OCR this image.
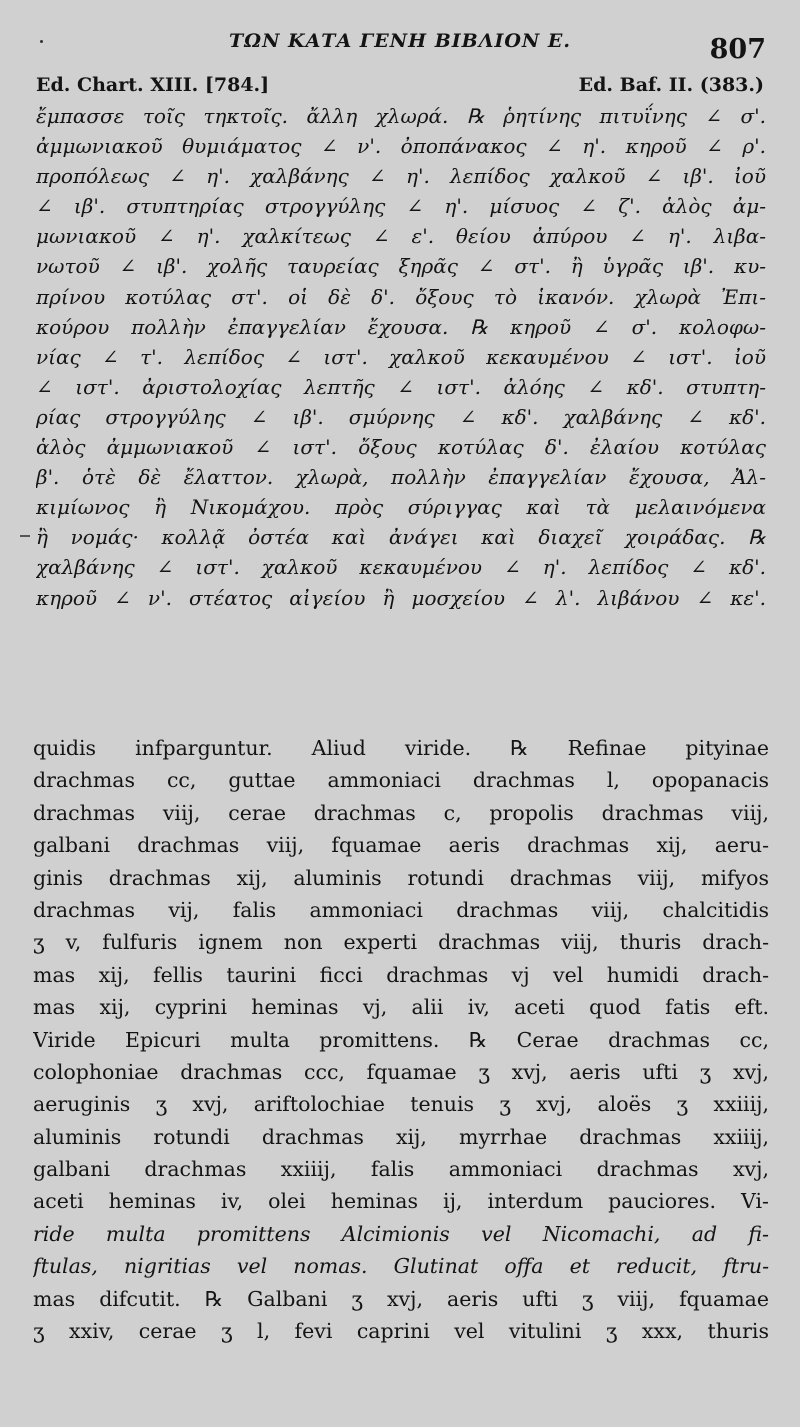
ΤΩΝ ΚΑΤΑ ΓΕΝΗ ΒΙΒΛΙΟΝ Ε.	807
Ed. Chart. XIII. [784.]	Ed. Baf. II. (383.)
ἔμπασσε τοῖς τηκτοῖς. ἄλλη χλωρά. ℞ ῥητίνης πιτυΐνης ∠ σ'.
ἀμμωνιακοῦ θυμιάματος ∠ ν'. ὀποπάνακος ∠ η'. κηροῦ ∠ ρ'.
προπόλεως ∠ η'. χαλβάνης ∠ η'. λεπίδος χαλκοῦ ∠ ιβ'. ἰοῦ
∠ ιβ'. στυπτηρίας στρογγύλης ∠ η'. μίσυος ∠ ζ'. ἁλὸς ἀμ-
μωνιακοῦ ∠ η'. χαλκίτεως ∠ ε'. θείου ἀπύρου ∠ η'. λιβα-
νωτοῦ ∠ ιβ'. χολῆς ταυρείας ξηρᾶς ∠ στ'. ἢ ὑγρᾶς ιβ'. κυ-
πρίνου κοτύλας στ'. οἱ δὲ δ'. ὄξους τὸ ἱκανόν. χλωρὰ Ἐπι-
κούρου πολλὴν ἐπαγγελίαν ἔχουσα. ℞ κηροῦ ∠ σ'. κολοφω-
νίας ∠ τ'. λεπίδος ∠ ιστ'. χαλκοῦ κεκαυμένου ∠ ιστ'. ἰοῦ
∠ ιστ'. ἀριστολοχίας λεπτῆς ∠ ιστ'. ἀλόης ∠ κδ'. στυπτη-
ρίας στρογγύλης ∠ ιβ'. σμύρνης ∠ κδ'. χαλβάνης ∠ κδ'.
ἁλὸς ἀμμωνιακοῦ ∠ ιστ'. ὄξους κοτύλας δ'. ἐλαίου κοτύλας
β'. ὁτὲ δὲ ἔλαττον. χλωρὰ, πολλὴν ἐπαγγελίαν ἔχουσα, Ἀλ-
κιμίωνος ἢ Νικομάχου. πρὸς σύριγγας καὶ τὰ μελαινόμενα
ἢ νομάς· κολλᾷ ὀστέα καὶ ἀνάγει καὶ διαχεῖ χοιράδας. ℞
χαλβάνης ∠ ιστ'. χαλκοῦ κεκαυμένου ∠ η'. λεπίδος ∠ κδ'.
κηροῦ ∠ ν'. στέατος αἰγείου ἢ μοσχείου ∠ λ'. λιβάνου ∠ κε'.
quidis infparguntur. Aliud viride. ℞ Refinae pityinae
drachmas cc, guttae ammoniaci drachmas l, opopanacis
drachmas viij, cerae drachmas c, propolis drachmas viij,
galbani drachmas viij, fquamae aeris drachmas xij, aeru-
ginis drachmas xij, aluminis rotundi drachmas viij, mifyos
drachmas vij, falis ammoniaci drachmas viij, chalcitidis
ʒ v, fulfuris ignem non experti drachmas viij, thuris drach-
mas xij, fellis taurini ficci drachmas vj vel humidi drach-
mas xij, cyprini heminas vj, alii iv, aceti quod fatis eft.
Viride Epicuri multa promittens. ℞ Cerae drachmas cc,
colophoniae drachmas ccc, fquamae ʒ xvj, aeris ufti ʒ xvj,
aeruginis ʒ xvj, ariftolochiae tenuis ʒ xvj, aloës ʒ xxiiij,
aluminis rotundi drachmas xij, myrrhae drachmas xxiiij,
galbani drachmas xxiiij, falis ammoniaci drachmas xvj,
aceti heminas iv, olei heminas ij, interdum pauciores. Vi-
ride multa promittens Alcimionis vel Nicomachi, ad fi-
ftulas, nigritias vel nomas. Glutinat offa et reducit, ftru-
mas difcutit. ℞ Galbani ʒ xvj, aeris ufti ʒ viij, fquamae
ʒ xxiv, cerae ʒ l, fevi caprini vel vitulini ʒ xxx, thuris
